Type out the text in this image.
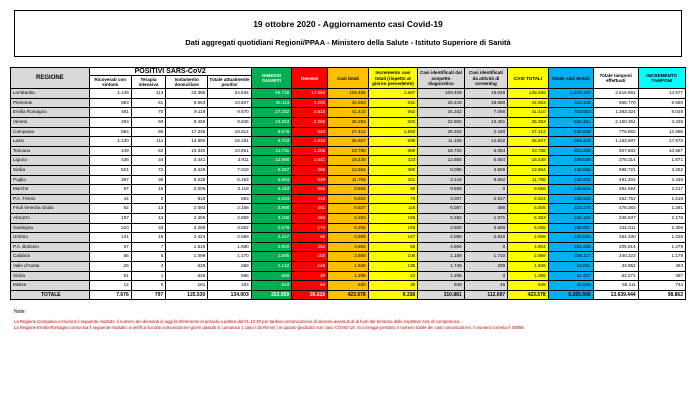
19 ottobre 2020 - Aggiornamento casi Covid-19
Dati aggregati quotidiani Regioni/PPAA - Ministero della Salute - Istituto Superiore di Sanità
REGIONE	POSITIVI SARS-CoV2				DIMESSI GUARITI	Decessi	Casi totali	Incremento casi totali (rispetto al giorno precedente)	Casi identificati dal sospetto diagnostico	Casi identificati da attività di screening	CASI TOTALI	Totale casi testati	Totale tamponi effettuati	INCREMENTO TAMPONI
	Ricoverati con sintomi	Terapia intensiva	Isolamento domiciliare	Totale attualmente positivi										
Lombardia	1.136	113	23.385	24.634	86.738	17.084	128.456	1.687	109.408	19.048	128.456	1.575.120	2.516.861	14.577
Piemonte	883	61	9.663	10.607	30.113	4.200	44.923	931	26.243	18.680	44.923	511.428	868.770	9.560
Emilia Romagna	481	70	9.119	9.670	27.222	4.518	41.410	552	34.342	7.068	41.410	763.923	1.383.324	8.026
Veneto	494	60	9.465	9.845	24.253	2.255	36.353	502	22.902	13.451	36.353	836.391	2.150.361	4.426
Campania	884	85	17.345	18.314	8.576	523	27.412	1.593	25.252	2.160	27.412	525.648	778.882	12.695
Lazio	1.130	111	13.950	15.191	9.703	1.033	25.927	939	11.105	14.822	25.927	954.419	1.163.907	17.573
Toscana	449	62	10.340	10.851	11.731	1.206	23.788	986	18.734	5.054	23.788	624.289	927.802	10.557
Liguria	436	34	3.441	3.911	12.886	1.641	18.438	323	12.884	5.554	18.438	199.539	378.314	1.871
Sicilia	521	72	6.426	7.019	5.267	368	12.654	360	8.095	4.559	12.654	428.588	598.721	3.252
Puglia	397	38	5.028	5.463	5.604	639	11.706	321	3.144	8.562	11.706	240.220	491.204	2.446
Marche	97	16	2.005	2.118	6.443	995	9.556	98	9.556	0	9.556	166.944	284.664	2.217
P.A. Trento	44	0	819	863	5.643	418	6.924	79	4.007	2.917	6.924	108.329	262.752	1.518
Friuli Venezia Giulia	62	13	2.093	2.168	3.998	361	6.527	118	6.057	488	6.505	210.178	478.383	1.281
Abruzzo	197	13	2.459	2.669	3.190	494	6.353	159	5.282	1.071	6.353	155.193	246.937	2.176
Sardegna	210	33	3.259	3.502	2.579	174	6.255	159	2.600	3.655	6.255	195.681	231.011	2.306
Umbria	131	15	2.423	2.569	2.247	89	4.909	167	2.099	2.810	4.909	150.026	254.330	1.028
P.A. Bolzano	67	7	1.616	1.690	2.920	294	4.904	85	4.904	0	4.904	184.288	205.814	1.279
Calabria	66	5	1.099	1.170	1.595	104	2.869	108	1.159	1.710	2.869	238.117	240.223	1.179
Valle d'Aosta	26	4	628	658	1.142	146	1.946	135	1.746	200	1.946	23.091	33.852	453
Sicilia	51	1	646	698	559	39	1.296	22	1.296	0	1.296	31.427	52.071	397
Molise	12	0	181	193	543	84	820	38	949	45	949	32.049	55.111	744
TOTALE	7.676	797	125.530	134.003	252.959	36.616	423.578	9.338	310.881	112.697	423.578	8.265.568	13.639.444	98.862
Note:
La Regione Campania comunica il seguente risultato: il numero dei deceduti di oggi fa riferimento al periodo a partire dal 01.10.20 per tardiva comunicazione di decessi avvenuti al di fuori del territorio delle rispettive ASL di competenza.
La Regione Emilia Romagna comunica il seguente risultato: a verifica sui dati comunicati nei giorni passati si comunica 1 caso i da Rimini ) in quanto giudicato non caso COVID-19. Si corregge pertanto il numero totale dei casi comunicati ieri. Il numero corretto è 40858.
